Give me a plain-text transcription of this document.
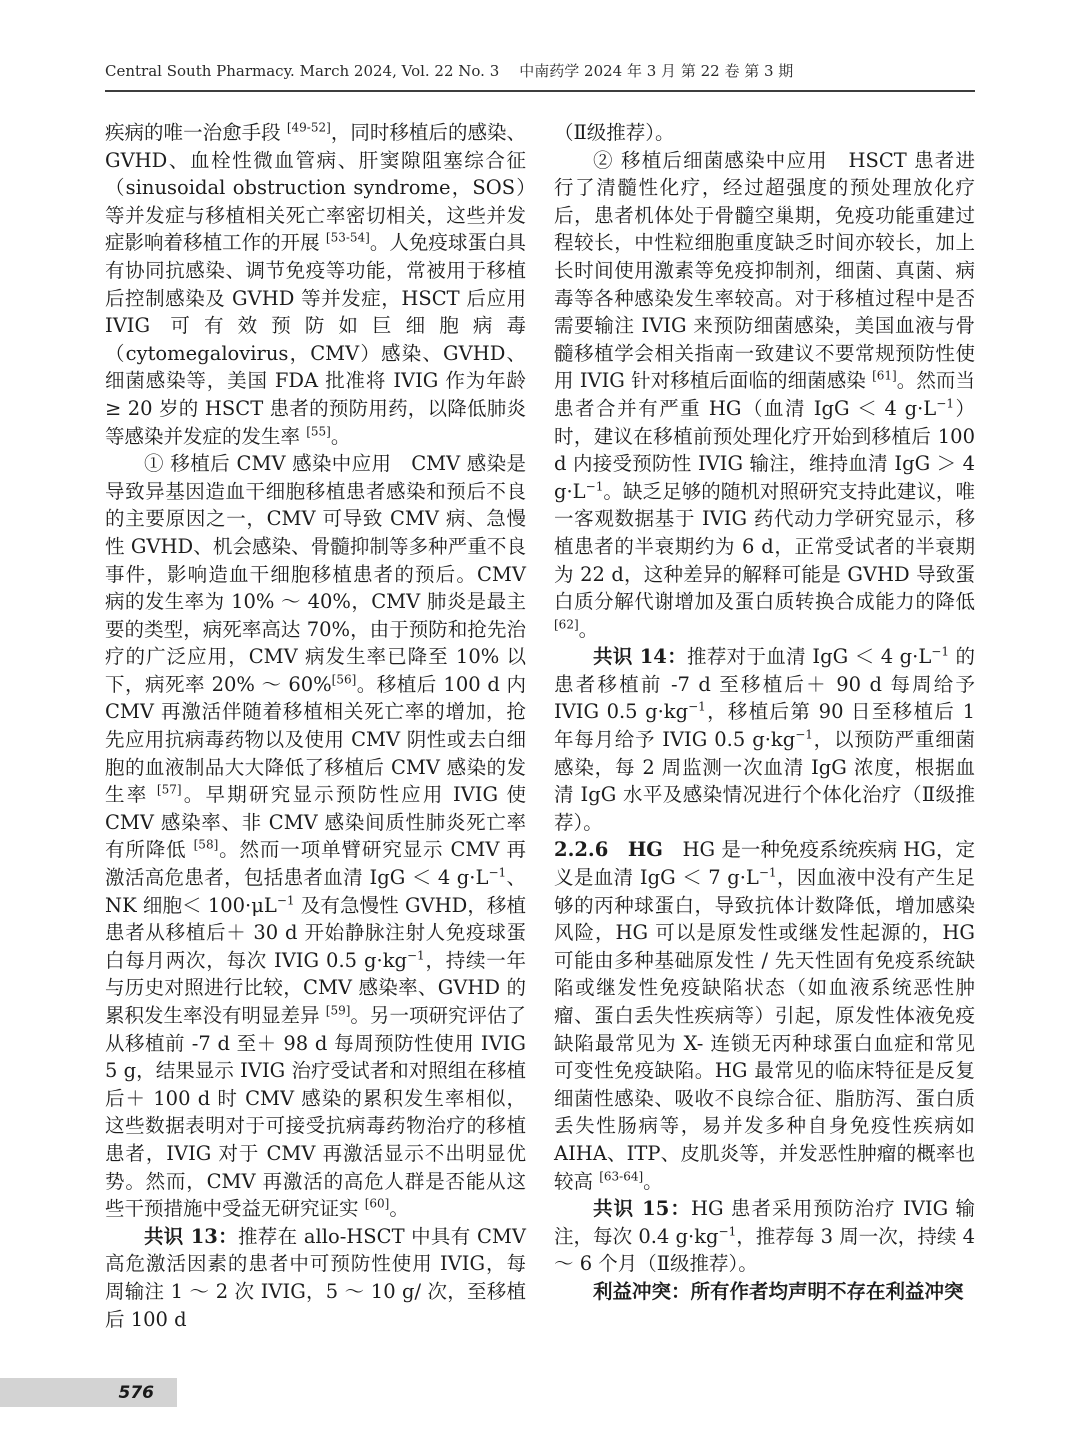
Central South Pharmacy. March 2024, Vol. 22 No. 3 中南药学 2024 年 3 月 第 22 卷 第 3 期

疾病的唯一治愈手段 [49-52]，同时移植后的感染、GVHD、血栓性微血管病、肝窦隙阻塞综合征（sinusoidal obstruction syndrome，SOS）等并发症与移植相关死亡率密切相关，这些并发症影响着移植工作的开展 [53-54]。人免疫球蛋白具有协同抗感染、调节免疫等功能，常被用于移植后控制感染及 GVHD 等并发症，HSCT 后应用 IVIG 可有效预防如巨细胞病毒（cytomegalovirus，CMV）感染、GVHD、细菌感染等，美国 FDA 批准将 IVIG 作为年龄≥ 20 岁的 HSCT 患者的预防用药，以降低肺炎等感染并发症的发生率 [55]。

① 移植后 CMV 感染中应用　CMV 感染是导致异基因造血干细胞移植患者感染和预后不良的主要原因之一，CMV 可导致 CMV 病、急慢性 GVHD、机会感染、骨髓抑制等多种严重不良事件，影响造血干细胞移植患者的预后。CMV 病的发生率为 10% ～ 40%，CMV 肺炎是最主要的类型，病死率高达 70%，由于预防和抢先治疗的广泛应用，CMV 病发生率已降至 10% 以下，病死率 20% ～ 60%[56]。移植后 100 d 内 CMV 再激活伴随着移植相关死亡率的增加，抢先应用抗病毒药物以及使用 CMV 阴性或去白细胞的血液制品大大降低了移植后 CMV 感染的发生率 [57]。早期研究显示预防性应用 IVIG 使 CMV 感染率、非 CMV 感染间质性肺炎死亡率有所降低 [58]。然而一项单臂研究显示 CMV 再激活高危患者，包括患者血清 IgG ＜ 4 $g\cdot L^{-1}$、NK 细胞＜ $100\cdot\mu L^{-1}$ 及有急慢性 GVHD，移植患者从移植后＋ 30 d 开始静脉注射人免疫球蛋白每月两次，每次 IVIG 0.5 $g\cdot kg^{-1}$，持续一年与历史对照进行比较，CMV 感染率、GVHD 的累积发生率没有明显差异 [59]。另一项研究评估了从移植前 -7 d 至＋ 98 d 每周预防性使用 IVIG 5 g，结果显示 IVIG 治疗受试者和对照组在移植后＋ 100 d 时 CMV 感染的累积发生率相似，这些数据表明对于可接受抗病毒药物治疗的移植患者，IVIG 对于 CMV 再激活显示不出明显优势。然而，CMV 再激活的高危人群是否能从这些干预措施中受益无研究证实 [60]。

共识 13：推荐在 allo-HSCT 中具有 CMV 高危激活因素的患者中可预防性使用 IVIG，每周输注 1 ～ 2 次 IVIG，5 ～ 10 g/ 次，至移植后 100 d

（Ⅱ级推荐）。

② 移植后细菌感染中应用　HSCT 患者进行了清髓性化疗，经过超强度的预处理放化疗后，患者机体处于骨髓空巢期，免疫功能重建过程较长，中性粒细胞重度缺乏时间亦较长，加上长时间使用激素等免疫抑制剂，细菌、真菌、病毒等各种感染发生率较高。对于移植过程中是否需要输注 IVIG 来预防细菌感染，美国血液与骨髓移植学会相关指南一致建议不要常规预防性使用 IVIG 针对移植后面临的细菌感染 [61]。然而当患者合并有严重 HG（血清 IgG ＜ 4 $g\cdot L^{-1}$）时，建议在移植前预处理化疗开始到移植后 100 d 内接受预防性 IVIG 输注，维持血清 IgG ＞ 4 $g\cdot L^{-1}$。缺乏足够的随机对照研究支持此建议，唯一客观数据基于 IVIG 药代动力学研究显示，移植患者的半衰期约为 6 d，正常受试者的半衰期为 22 d，这种差异的解释可能是 GVHD 导致蛋白质分解代谢增加及蛋白质转换合成能力的降低 [62]。

共识 14：推荐对于血清 IgG ＜ 4 $g\cdot L^{-1}$ 的患者移植前 -7 d 至移植后＋ 90 d 每周给予 IVIG 0.5 $g\cdot kg^{-1}$，移植后第 90 日至移植后 1 年每月给予 IVIG 0.5 $g\cdot kg^{-1}$，以预防严重细菌感染，每 2 周监测一次血清 IgG 浓度，根据血清 IgG 水平及感染情况进行个体化治疗（Ⅱ级推荐）。

2.2.6　HG　HG 是一种免疫系统疾病 HG，定义是血清 IgG ＜ 7 $g\cdot L^{-1}$，因血液中没有产生足够的丙种球蛋白，导致抗体计数降低，增加感染风险，HG 可以是原发性或继发性起源的，HG 可能由多种基础原发性 / 先天性固有免疫系统缺陷或继发性免疫缺陷状态（如血液系统恶性肿瘤、蛋白丢失性疾病等）引起，原发性体液免疫缺陷最常见为 X- 连锁无丙种球蛋白血症和常见可变性免疫缺陷。HG 最常见的临床特征是反复细菌性感染、吸收不良综合征、脂肪泻、蛋白质丢失性肠病等，易并发多种自身免疫性疾病如 AIHA、ITP、皮肌炎等，并发恶性肿瘤的概率也较高 [63-64]。

共识 15：HG 患者采用预防治疗 IVIG 输注，每次 0.4 $g\cdot kg^{-1}$，推荐每 3 周一次，持续 4 ～ 6 个月（Ⅱ级推荐）。

利益冲突：所有作者均声明不存在利益冲突

576
